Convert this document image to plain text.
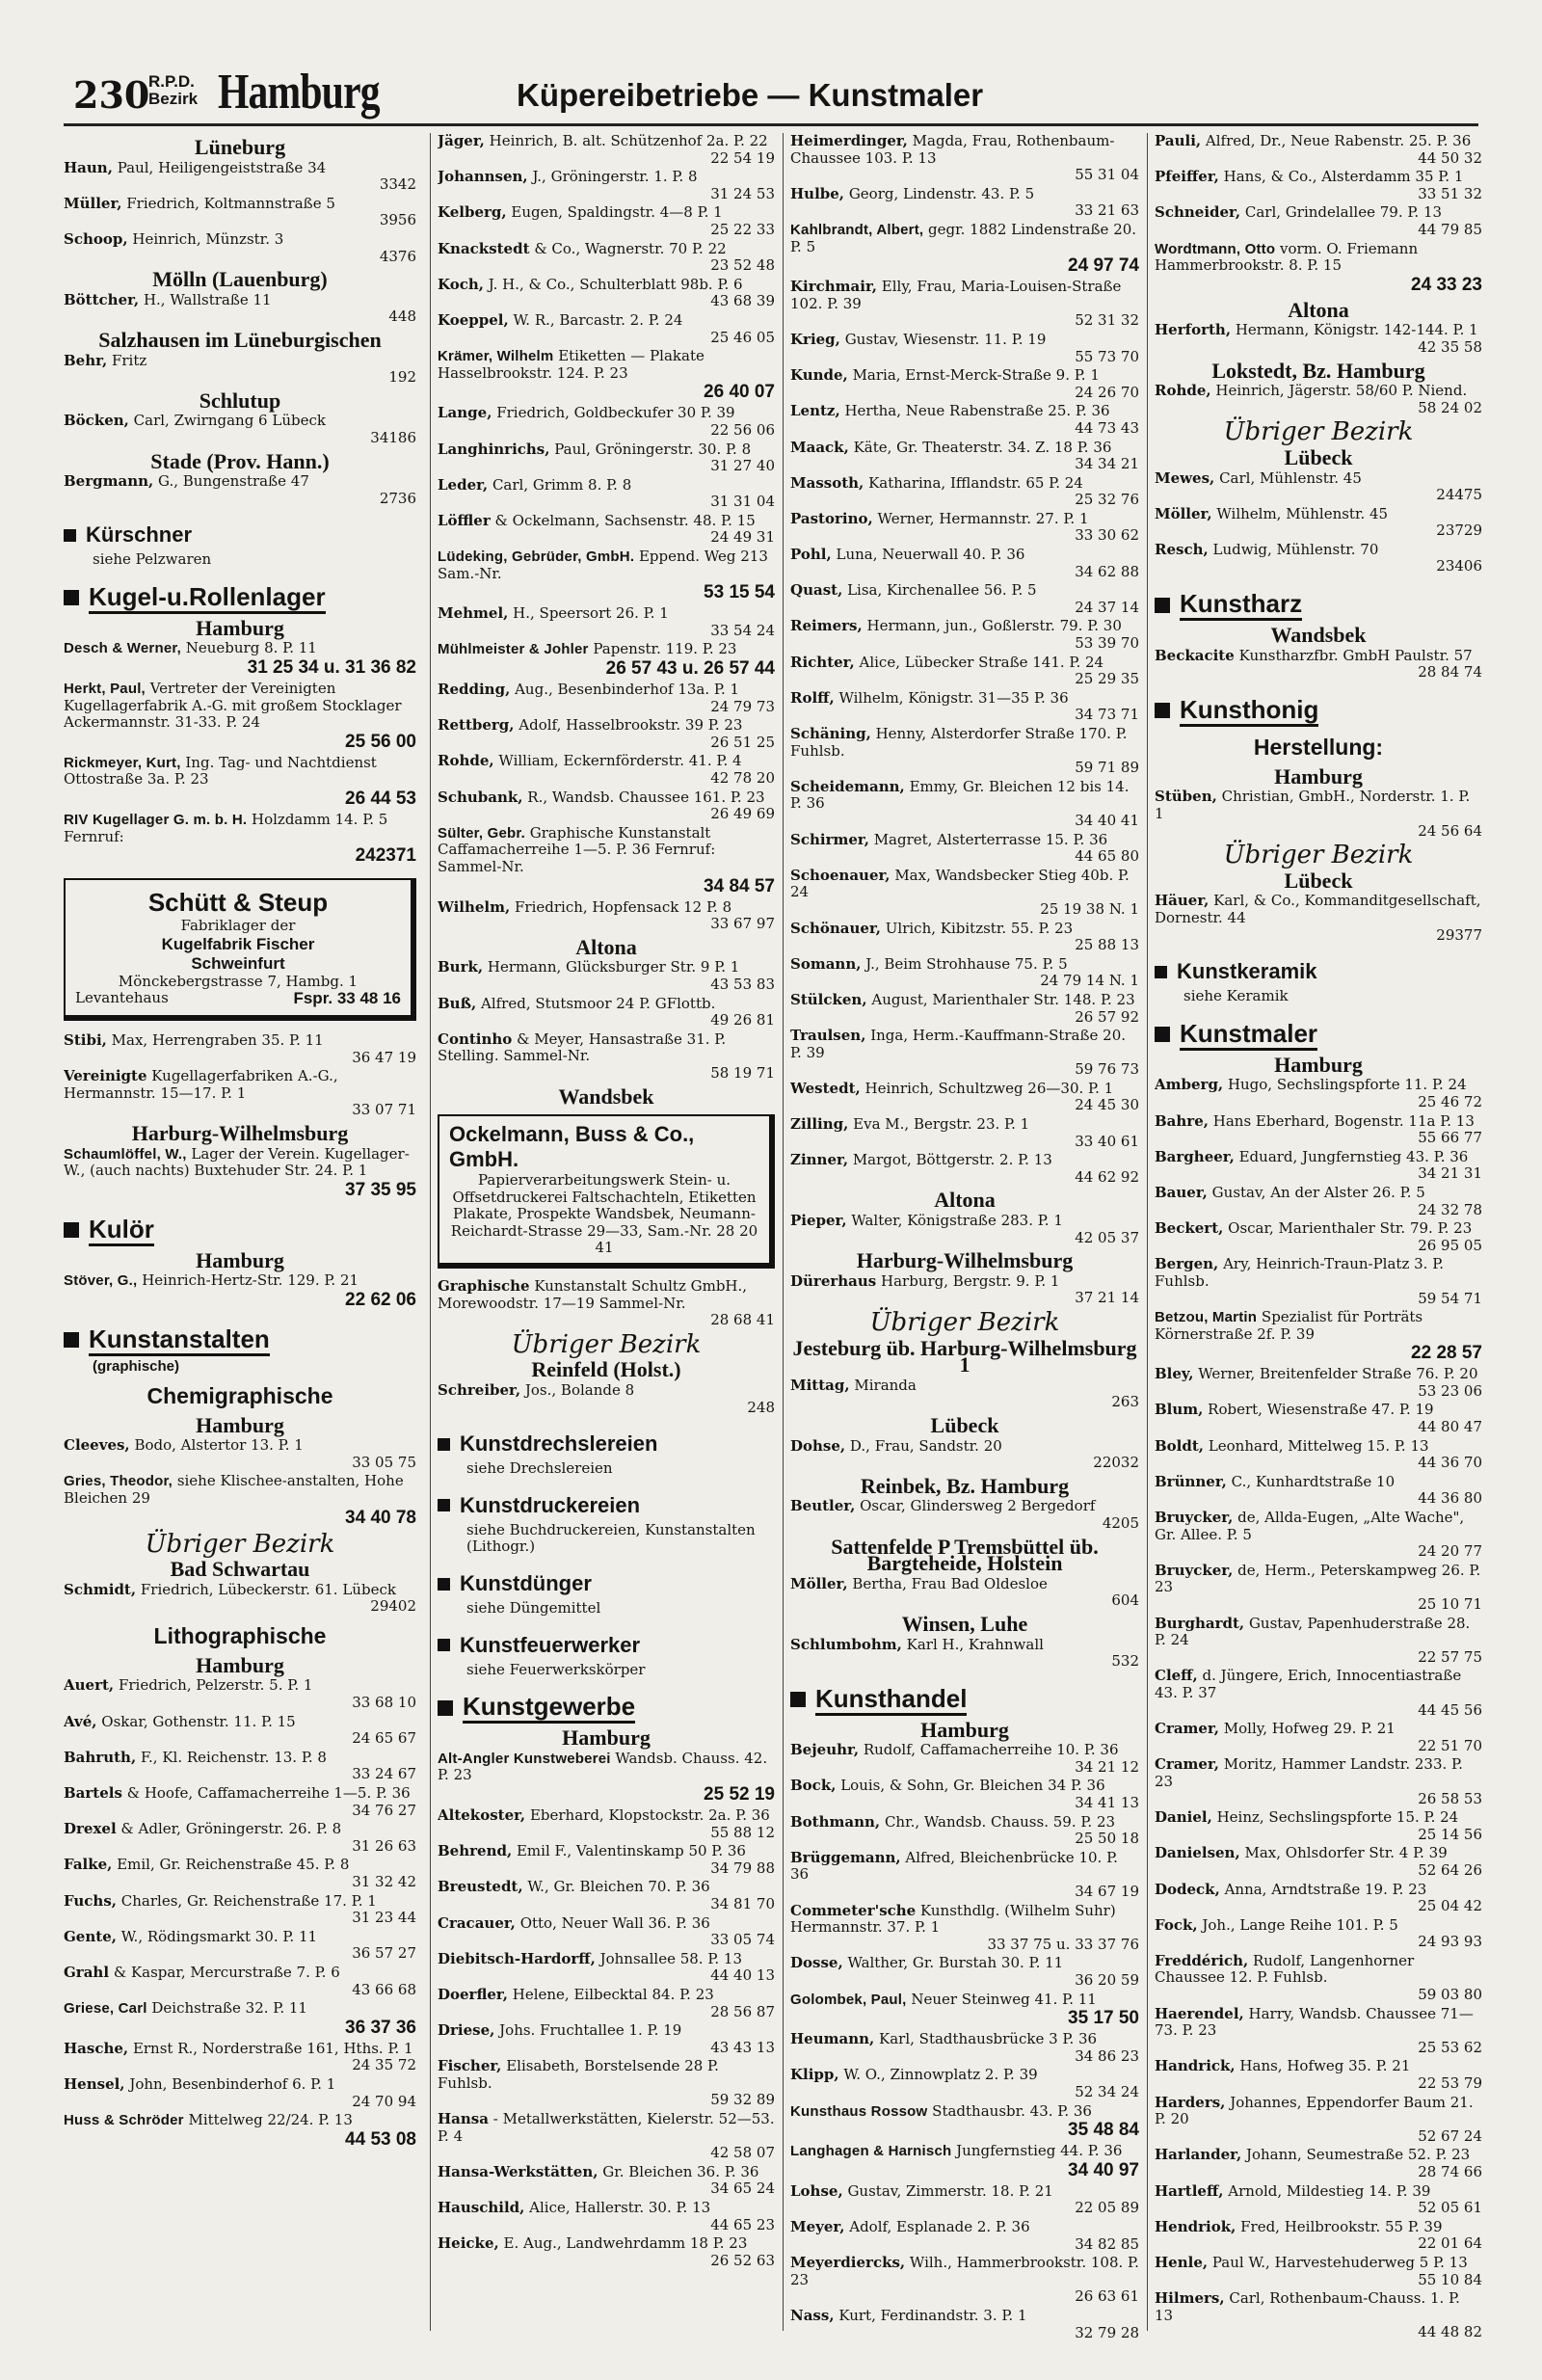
230
R.P.D.
Bezirk Hamburg	Küpereibetriebe — Kunstmaler
Lüneburg
Haun, Paul, Heiligengeiststraße 34
3342
Müller, Friedrich, Koltmannstraße 5
3956
Schoop, Heinrich, Münzstr. 3
4376
Mölln (Lauenburg)
Böttcher, H., Wallstraße 11
448
Salzhausen im Lüneburgischen
Behr, Fritz
192
Schlutup
Böcken, Carl, Zwirngang 6 Lübeck
34186
Stade (Prov. Hann.)
Bergmann, G., Bungenstraße 47
2736
Kürschner
siehe Pelzwaren
Kugel-u.Rollenlager
Hamburg
Desch & Werner, Neueburg 8. P. 11
31 25 34 u. 31 36 82
Herkt, Paul, Vertreter der Vereinigten Kugellagerfabrik A.-G. mit großem Stocklager Ackermannstr. 31-33. P. 24
25 56 00
Rickmeyer, Kurt, Ing. Tag- und Nachtdienst Ottostraße 3a. P. 23
26 44 53
RIV Kugellager G. m. b. H. Holzdamm 14. P. 5 Fernruf:
242371
Schütt & Steup
Fabriklager der
Kugelfabrik Fischer
Schweinfurt
Mönckebergstrasse 7, Hambg. 1
Levantehaus	Fspr. 33 48 16
Stibi, Max, Herrengraben 35. P. 11
36 47 19
Vereinigte Kugellagerfabriken A.-G., Hermannstr. 15—17. P. 1
33 07 71
Harburg-Wilhelmsburg
Schaumlöffel, W., Lager der Verein. Kugellager-W., (auch nachts) Buxtehuder Str. 24. P. 1
37 35 95
Kulör
Hamburg
Stöver, G., Heinrich-Hertz-Str. 129. P. 21
22 62 06
Kunstanstalten
(graphische)
Chemigraphische
Hamburg
Cleeves, Bodo, Alstertor 13. P. 1
33 05 75
Gries, Theodor, siehe Klischee-anstalten, Hohe Bleichen 29
34 40 78
Übriger Bezirk
Bad Schwartau
Schmidt, Friedrich, Lübeckerstr. 61. Lübeck
29402
Lithographische
Hamburg
Auert, Friedrich, Pelzerstr. 5. P. 1
33 68 10
Avé, Oskar, Gothenstr. 11. P. 15
24 65 67
Bahruth, F., Kl. Reichenstr. 13. P. 8
33 24 67
Bartels & Hoofe, Caffamacherreihe 1—5. P. 36
34 76 27
Drexel & Adler, Gröningerstr. 26. P. 8
31 26 63
Falke, Emil, Gr. Reichenstraße 45. P. 8
31 32 42
Fuchs, Charles, Gr. Reichenstraße 17. P. 1
31 23 44
Gente, W., Rödingsmarkt 30. P. 11
36 57 27
Grahl & Kaspar, Mercurstraße 7. P. 6
43 66 68
Griese, Carl Deichstraße 32. P. 11
36 37 36
Hasche, Ernst R., Norderstraße 161, Hths. P. 1
24 35 72
Hensel, John, Besenbinderhof 6. P. 1
24 70 94
Huss & Schröder Mittelweg 22/24. P. 13
44 53 08
Jäger, Heinrich, B. alt. Schützenhof 2a. P. 22
22 54 19
Johannsen, J., Gröningerstr. 1. P. 8
31 24 53
Kelberg, Eugen, Spaldingstr. 4—8 P. 1
25 22 33
Knackstedt & Co., Wagnerstr. 70 P. 22
23 52 48
Koch, J. H., & Co., Schulterblatt 98b. P. 6
43 68 39
Koeppel, W. R., Barcastr. 2. P. 24
25 46 05
Krämer, Wilhelm Etiketten — Plakate Hasselbrookstr. 124. P. 23
26 40 07
Lange, Friedrich, Goldbeckufer 30 P. 39
22 56 06
Langhinrichs, Paul, Gröningerstr. 30. P. 8
31 27 40
Leder, Carl, Grimm 8. P. 8
31 31 04
Löffler & Ockelmann, Sachsenstr. 48. P. 15
24 49 31
Lüdeking, Gebrüder, GmbH. Eppend. Weg 213 Sam.-Nr.
53 15 54
Mehmel, H., Speersort 26. P. 1
33 54 24
Mühlmeister & Johler Papenstr. 119. P. 23
26 57 43 u. 26 57 44
Redding, Aug., Besenbinderhof 13a. P. 1
24 79 73
Rettberg, Adolf, Hasselbrookstr. 39 P. 23
26 51 25
Rohde, William, Eckernförderstr. 41. P. 4
42 78 20
Schubank, R., Wandsb. Chaussee 161. P. 23
26 49 69
Sülter, Gebr. Graphische Kunstanstalt Caffamacherreihe 1—5. P. 36 Fernruf: Sammel-Nr.
34 84 57
Wilhelm, Friedrich, Hopfensack 12 P. 8
33 67 97
Altona
Burk, Hermann, Glücksburger Str. 9 P. 1
43 53 83
Buß, Alfred, Stutsmoor 24 P. GFlottb.
49 26 81
Continho & Meyer, Hansastraße 31. P. Stelling. Sammel-Nr.
58 19 71
Wandsbek
Ockelmann, Buss & Co., GmbH.
Papierverarbeitungswerk Stein- u. Offsetdruckerei Faltschachteln, Etiketten Plakate, Prospekte Wandsbek, Neumann-Reichardt-Strasse 29—33, Sam.-Nr. 28 20 41
Graphische Kunstanstalt Schultz GmbH., Morewoodstr. 17—19 Sammel-Nr.
28 68 41
Übriger Bezirk
Reinfeld (Holst.)
Schreiber, Jos., Bolande 8
248
Kunstdrechslereien
siehe Drechslereien
Kunstdruckereien
siehe Buchdruckereien, Kunstanstalten (Lithogr.)
Kunstdünger
siehe Düngemittel
Kunstfeuerwerker
siehe Feuerwerkskörper
Kunstgewerbe
Hamburg
Alt-Angler Kunstweberei Wandsb. Chauss. 42. P. 23
25 52 19
Altekoster, Eberhard, Klopstockstr. 2a. P. 36
55 88 12
Behrend, Emil F., Valentinskamp 50 P. 36
34 79 88
Breustedt, W., Gr. Bleichen 70. P. 36
34 81 70
Cracauer, Otto, Neuer Wall 36. P. 36
33 05 74
Diebitsch-Hardorff, Johnsallee 58. P. 13
44 40 13
Doerfler, Helene, Eilbecktal 84. P. 23
28 56 87
Driese, Johs. Fruchtallee 1. P. 19
43 43 13
Fischer, Elisabeth, Borstelsende 28 P. Fuhlsb.
59 32 89
Hansa - Metallwerkstätten, Kielerstr. 52—53. P. 4
42 58 07
Hansa-Werkstätten, Gr. Bleichen 36. P. 36
34 65 24
Hauschild, Alice, Hallerstr. 30. P. 13
44 65 23
Heicke, E. Aug., Landwehrdamm 18 P. 23
26 52 63
Heimerdinger, Magda, Frau, Rothenbaum-Chaussee 103. P. 13
55 31 04
Hulbe, Georg, Lindenstr. 43. P. 5
33 21 63
Kahlbrandt, Albert, gegr. 1882 Lindenstraße 20. P. 5
24 97 74
Kirchmair, Elly, Frau, Maria-Louisen-Straße 102. P. 39
52 31 32
Krieg, Gustav, Wiesenstr. 11. P. 19
55 73 70
Kunde, Maria, Ernst-Merck-Straße 9. P. 1
24 26 70
Lentz, Hertha, Neue Rabenstraße 25. P. 36
44 73 43
Maack, Käte, Gr. Theaterstr. 34. Z. 18 P. 36
34 34 21
Massoth, Katharina, Ifflandstr. 65 P. 24
25 32 76
Pastorino, Werner, Hermannstr. 27. P. 1
33 30 62
Pohl, Luna, Neuerwall 40. P. 36
34 62 88
Quast, Lisa, Kirchenallee 56. P. 5
24 37 14
Reimers, Hermann, jun., Goßlerstr. 79. P. 30
53 39 70
Richter, Alice, Lübecker Straße 141. P. 24
25 29 35
Rolff, Wilhelm, Königstr. 31—35 P. 36
34 73 71
Schäning, Henny, Alsterdorfer Straße 170. P. Fuhlsb.
59 71 89
Scheidemann, Emmy, Gr. Bleichen 12 bis 14. P. 36
34 40 41
Schirmer, Magret, Alsterterrasse 15. P. 36
44 65 80
Schoenauer, Max, Wandsbecker Stieg 40b. P. 24
25 19 38 N. 1
Schönauer, Ulrich, Kibitzstr. 55. P. 23
25 88 13
Somann, J., Beim Strohhause 75. P. 5
24 79 14 N. 1
Stülcken, August, Marienthaler Str. 148. P. 23
26 57 92
Traulsen, Inga, Herm.-Kauffmann-Straße 20. P. 39
59 76 73
Westedt, Heinrich, Schultzweg 26—30. P. 1
24 45 30
Zilling, Eva M., Bergstr. 23. P. 1
33 40 61
Zinner, Margot, Böttgerstr. 2. P. 13
44 62 92
Altona
Pieper, Walter, Königstraße 283. P. 1
42 05 37
Harburg-Wilhelmsburg
Dürerhaus Harburg, Bergstr. 9. P. 1
37 21 14
Übriger Bezirk
Jesteburg üb. Harburg-Wilhelmsburg 1
Mittag, Miranda
263
Lübeck
Dohse, D., Frau, Sandstr. 20
22032
Reinbek, Bz. Hamburg
Beutler, Oscar, Glindersweg 2 Bergedorf
4205
Sattenfelde P Tremsbüttel üb. Bargteheide, Holstein
Möller, Bertha, Frau Bad Oldesloe
604
Winsen, Luhe
Schlumbohm, Karl H., Krahnwall
532
Kunsthandel
Hamburg
Bejeuhr, Rudolf, Caffamacherreihe 10. P. 36
34 21 12
Bock, Louis, & Sohn, Gr. Bleichen 34 P. 36
34 41 13
Bothmann, Chr., Wandsb. Chauss. 59. P. 23
25 50 18
Brüggemann, Alfred, Bleichenbrücke 10. P. 36
34 67 19
Commeter'sche Kunsthdlg. (Wilhelm Suhr) Hermannstr. 37. P. 1
33 37 75 u. 33 37 76
Dosse, Walther, Gr. Burstah 30. P. 11
36 20 59
Golombek, Paul, Neuer Steinweg 41. P. 11
35 17 50
Heumann, Karl, Stadthausbrücke 3 P. 36
34 86 23
Klipp, W. O., Zinnowplatz 2. P. 39
52 34 24
Kunsthaus Rossow Stadthausbr. 43. P. 36
35 48 84
Langhagen & Harnisch Jungfernstieg 44. P. 36
34 40 97
Lohse, Gustav, Zimmerstr. 18. P. 21
22 05 89
Meyer, Adolf, Esplanade 2. P. 36
34 82 85
Meyerdiercks, Wilh., Hammerbrookstr. 108. P. 23
26 63 61
Nass, Kurt, Ferdinandstr. 3. P. 1
32 79 28
Pauli, Alfred, Dr., Neue Rabenstr. 25. P. 36
44 50 32
Pfeiffer, Hans, & Co., Alsterdamm 35 P. 1
33 51 32
Schneider, Carl, Grindelallee 79. P. 13
44 79 85
Wordtmann, Otto vorm. O. Friemann Hammerbrookstr. 8. P. 15
24 33 23
Altona
Herforth, Hermann, Königstr. 142-144. P. 1
42 35 58
Lokstedt, Bz. Hamburg
Rohde, Heinrich, Jägerstr. 58/60 P. Niend.
58 24 02
Übriger Bezirk
Lübeck
Mewes, Carl, Mühlenstr. 45
24475
Möller, Wilhelm, Mühlenstr. 45
23729
Resch, Ludwig, Mühlenstr. 70
23406
Kunstharz
Wandsbek
Beckacite Kunstharzfbr. GmbH Paulstr. 57
28 84 74
Kunsthonig
Herstellung:
Hamburg
Stüben, Christian, GmbH., Norderstr. 1. P. 1
24 56 64
Übriger Bezirk
Lübeck
Häuer, Karl, & Co., Kommanditgesellschaft, Dornestr. 44
29377
Kunstkeramik
siehe Keramik
Kunstmaler
Hamburg
Amberg, Hugo, Sechslingspforte 11. P. 24
25 46 72
Bahre, Hans Eberhard, Bogenstr. 11a P. 13
55 66 77
Bargheer, Eduard, Jungfernstieg 43. P. 36
34 21 31
Bauer, Gustav, An der Alster 26. P. 5
24 32 78
Beckert, Oscar, Marienthaler Str. 79. P. 23
26 95 05
Bergen, Ary, Heinrich-Traun-Platz 3. P. Fuhlsb.
59 54 71
Betzou, Martin Spezialist für Porträts Körnerstraße 2f. P. 39
22 28 57
Bley, Werner, Breitenfelder Straße 76. P. 20
53 23 06
Blum, Robert, Wiesenstraße 47. P. 19
44 80 47
Boldt, Leonhard, Mittelweg 15. P. 13
44 36 70
Brünner, C., Kunhardtstraße 10
44 36 80
Bruycker, de, Allda-Eugen, „Alte Wache", Gr. Allee. P. 5
24 20 77
Bruycker, de, Herm., Peterskampweg 26. P. 23
25 10 71
Burghardt, Gustav, Papenhuderstraße 28. P. 24
22 57 75
Cleff, d. Jüngere, Erich, Innocentiastraße 43. P. 37
44 45 56
Cramer, Molly, Hofweg 29. P. 21
22 51 70
Cramer, Moritz, Hammer Landstr. 233. P. 23
26 58 53
Daniel, Heinz, Sechslingspforte 15. P. 24
25 14 56
Danielsen, Max, Ohlsdorfer Str. 4 P. 39
52 64 26
Dodeck, Anna, Arndtstraße 19. P. 23
25 04 42
Fock, Joh., Lange Reihe 101. P. 5
24 93 93
Freddérich, Rudolf, Langenhorner Chaussee 12. P. Fuhlsb.
59 03 80
Haerendel, Harry, Wandsb. Chaussee 71—73. P. 23
25 53 62
Handrick, Hans, Hofweg 35. P. 21
22 53 79
Harders, Johannes, Eppendorfer Baum 21. P. 20
52 67 24
Harlander, Johann, Seumestraße 52. P. 23
28 74 66
Hartleff, Arnold, Mildestieg 14. P. 39
52 05 61
Hendriok, Fred, Heilbrookstr. 55 P. 39
22 01 64
Henle, Paul W., Harvestehuderweg 5 P. 13
55 10 84
Hilmers, Carl, Rothenbaum-Chauss. 1. P. 13
44 48 82
